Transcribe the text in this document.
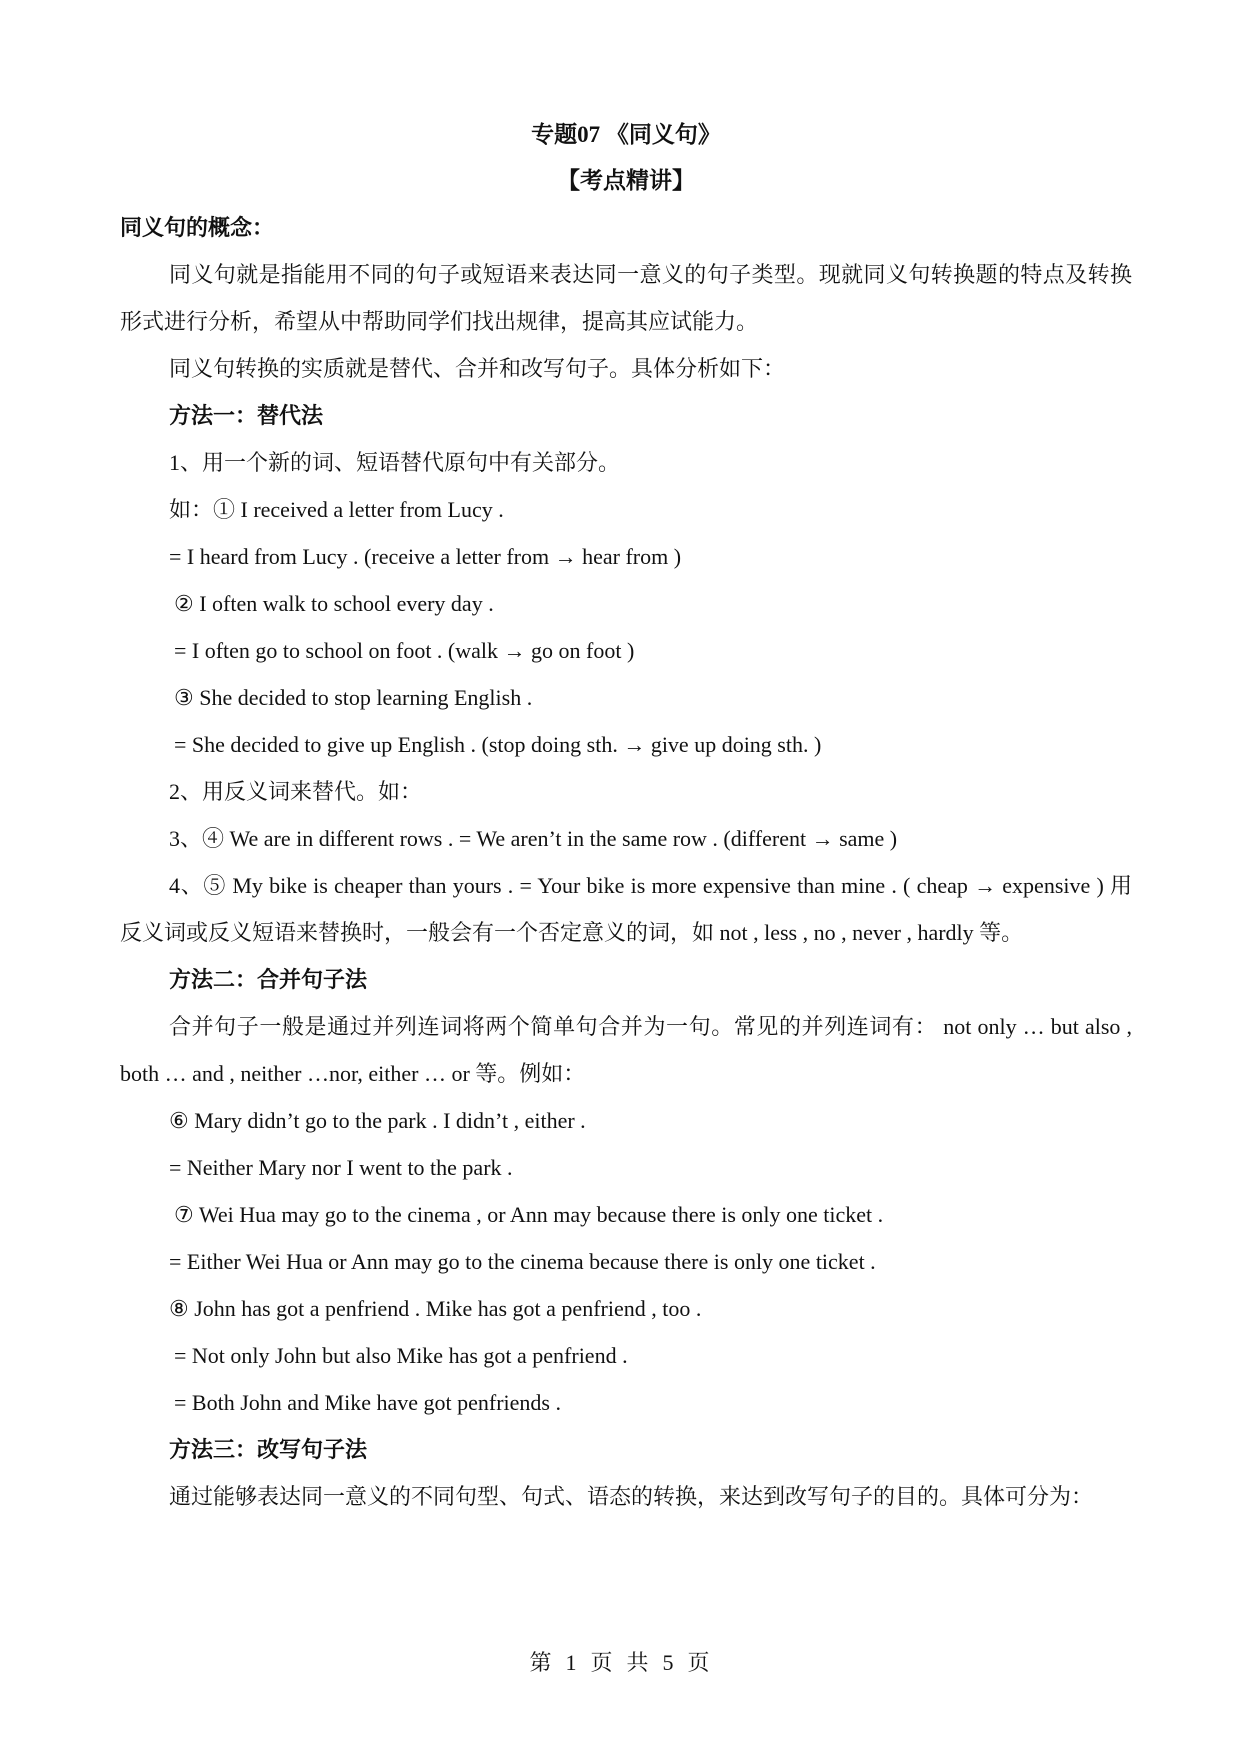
专题07 《同义句》

【考点精讲】

同义句的概念：

同义句就是指能用不同的句子或短语来表达同一意义的句子类型。现就同义句转换题的特点及转换形式进行分析，希望从中帮助同学们找出规律，提高其应试能力。

同义句转换的实质就是替代、合并和改写句子。具体分析如下：

方法一：替代法

1、用一个新的词、短语替代原句中有关部分。

如：① I received a letter from Lucy .

= I heard from Lucy . (receive a letter from → hear from )

② I often walk to school every day .

= I often go to school on foot . (walk → go on foot )

③ She decided to stop learning English .

= She decided to give up English . (stop doing sth. → give up doing sth. )

2、用反义词来替代。如：

3、④ We are in different rows . = We aren’t in the same row . (different → same )

4、⑤ My bike is cheaper than yours . = Your bike is more expensive than mine . ( cheap → expensive ) 用反义词或反义短语来替换时，一般会有一个否定意义的词，如 not , less , no , never , hardly 等。

方法二：合并句子法

合并句子一般是通过并列连词将两个简单句合并为一句。常见的并列连词有： not only … but also , both … and , neither …nor, either … or 等。例如：

⑥ Mary didn’t go to the park . I didn’t , either .

= Neither Mary nor I went to the park .

⑦ Wei Hua may go to the cinema , or Ann may because there is only one ticket .

= Either Wei Hua or Ann may go to the cinema because there is only one ticket .

⑧ John has got a penfriend . Mike has got a penfriend , too .

= Not only John but also Mike has got a penfriend .

= Both John and Mike have got penfriends .

方法三：改写句子法

通过能够表达同一意义的不同句型、句式、语态的转换，来达到改写句子的目的。具体可分为：

第 1 页 共 5 页
